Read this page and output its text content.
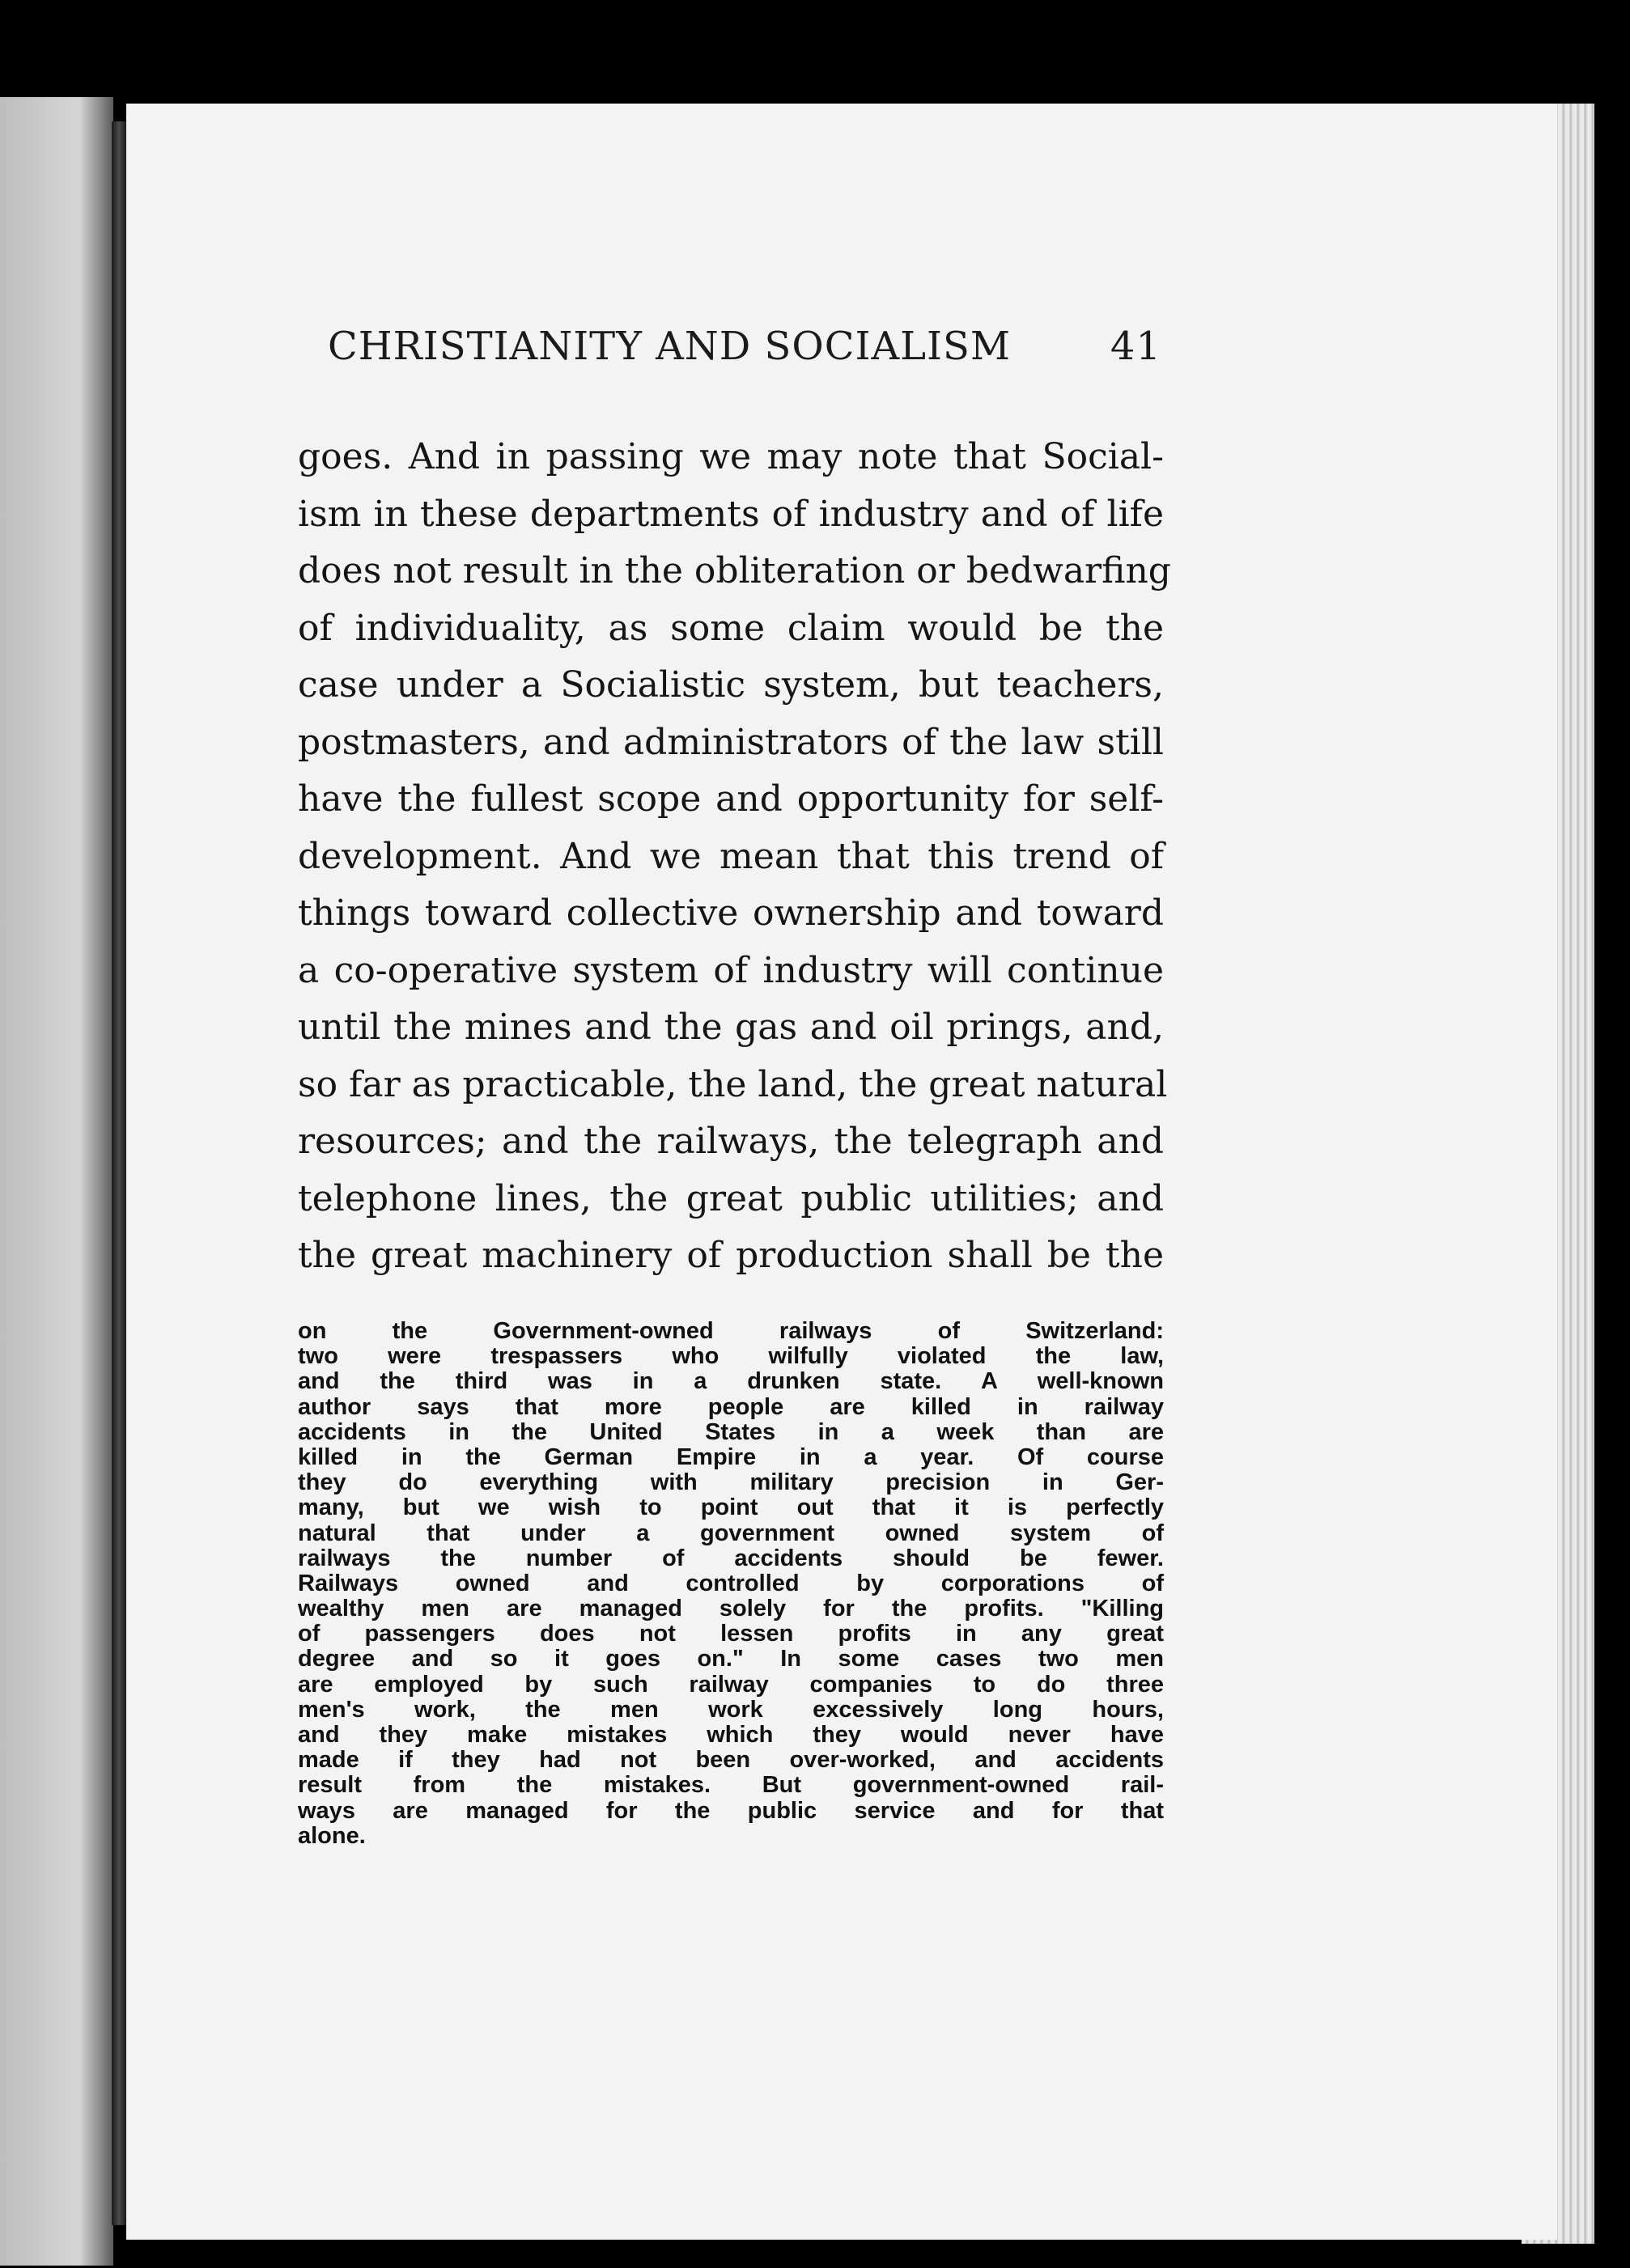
CHRISTIANITY AND SOCIALISM	41
goes. And in passing we may note that Social-
ism in these departments of industry and of life
does not result in the obliteration or bedwarfing
of individuality, as some claim would be the
case under a Socialistic system, but teachers,
postmasters, and administrators of the law still
have the fullest scope and opportunity for self-
development. And we mean that this trend of
things toward collective ownership and toward
a co-operative system of industry will continue
until the mines and the gas and oil prings, and,
so far as practicable, the land, the great natural
resources; and the railways, the telegraph and
telephone lines, the great public utilities; and
the great machinery of production shall be the
on the Government-owned railways of Switzerland:
two were trespassers who wilfully violated the law,
and the third was in a drunken state. A well-known
author says that more people are killed in railway
accidents in the United States in a week than are
killed in the German Empire in a year. Of course
they do everything with military precision in Ger-
many, but we wish to point out that it is perfectly
natural that under a government owned system of
railways the number of accidents should be fewer.
Railways owned and controlled by corporations of
wealthy men are managed solely for the profits. "Killing
of passengers does not lessen profits in any great
degree and so it goes on." In some cases two men
are employed by such railway companies to do three
men's work, the men work excessively long hours,
and they make mistakes which they would never have
made if they had not been over-worked, and accidents
result from the mistakes. But government-owned rail-
ways are managed for the public service and for that
alone.
